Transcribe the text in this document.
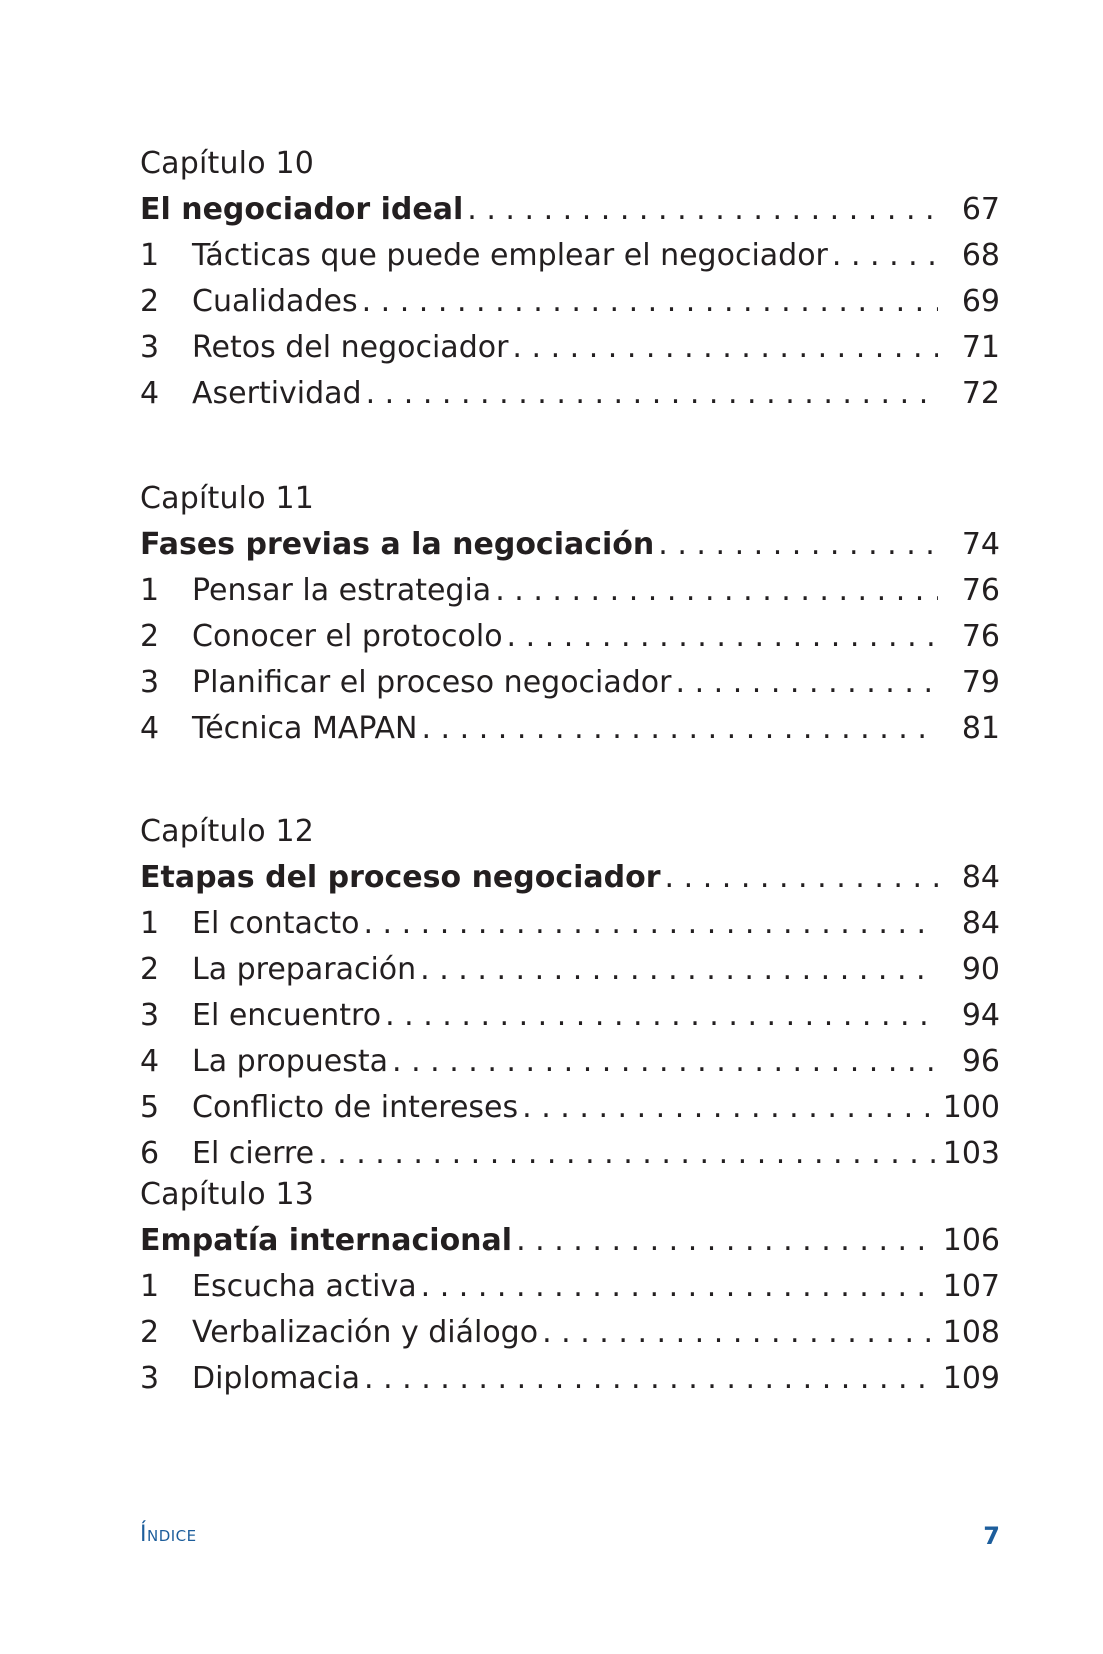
Capítulo 10
El negociador ideal . . .	67
1	Tácticas que puede emplear el negociador . . .	68
2	Cualidades . . .	69
3	Retos del negociador . . .	71
4	Asertividad . . .	72
Capítulo 11
Fases previas a la negociación . . .	74
1	Pensar la estrategia . . .	76
2	Conocer el protocolo . . .	76
3	Planificar el proceso negociador . . .	79
4	Técnica MAPAN . . .	81
Capítulo 12
Etapas del proceso negociador . . .	84
1	El contacto . . .	84
2	La preparación . . .	90
3	El encuentro . . .	94
4	La propuesta . . .	96
5	Conflicto de intereses . . .	100
6	El cierre . . .	103
Capítulo 13
Empatía internacional . . .	106
1	Escucha activa . . .	107
2	Verbalización y diálogo . . .	108
3	Diplomacia . . .	109
Índice	7
